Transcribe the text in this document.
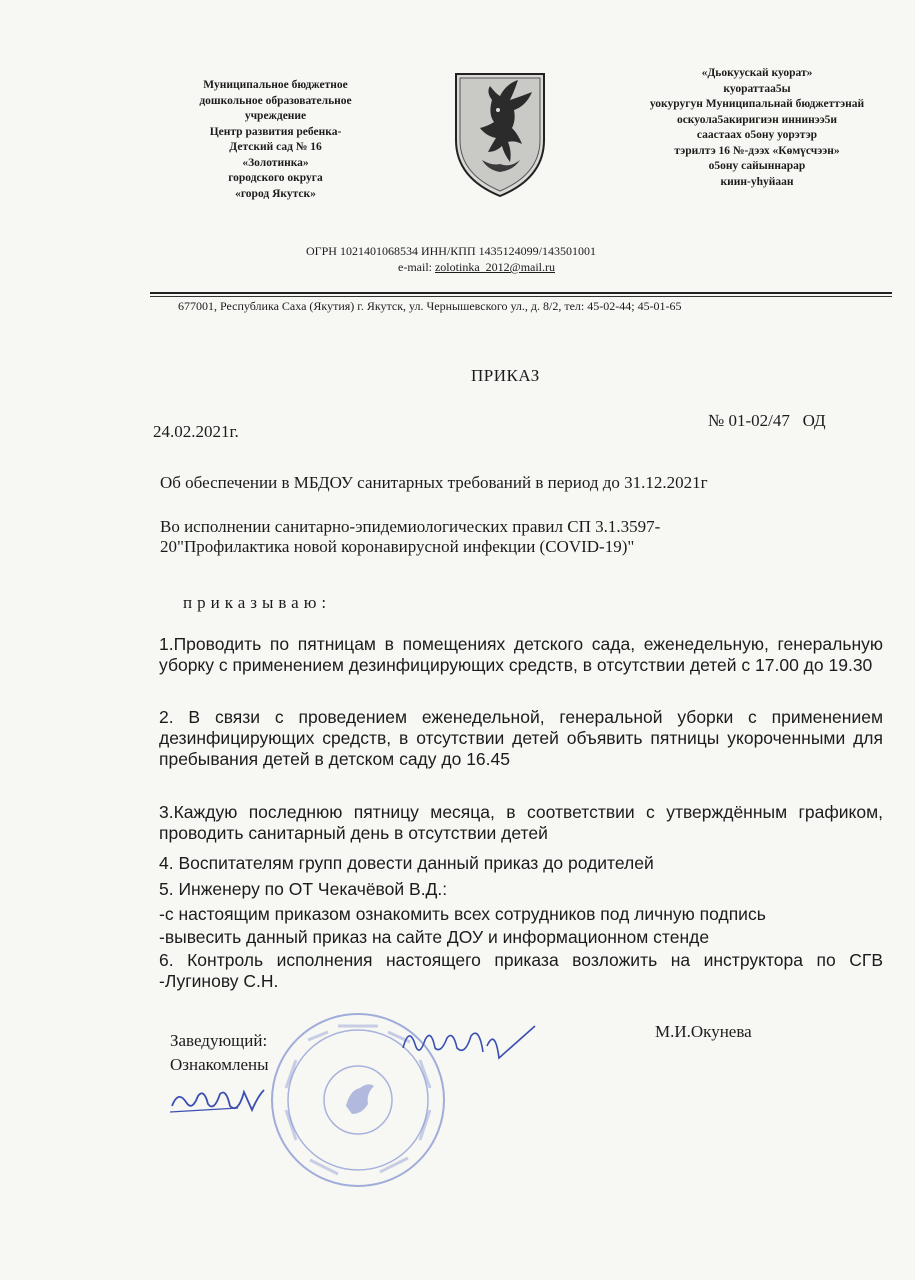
Муниципальное бюджетное
дошкольное образовательное
учреждение
Центр развития ребенка-
Детский сад № 16
«Золотинка»
городского округа
«город Якутск»
«Дьокуускай куорат»
куораттаа5ы
уокуругун Муниципальнай бюджеттэнай
оскуола5акиригиэн иннинээ5и
саастаах о5ону уорэтэр
тэрилтэ 16 №-дээх «Көмүсчээн»
о5ону сайыннарар
киин-уһуйаан
ОГРН 1021401068534 ИНН/КПП 1435124099/143501001
e-mail: zolotinka_2012@mail.ru
677001, Республика Саха (Якутия) г. Якутск, ул. Чернышевского ул., д. 8/2, тел: 45-02-44; 45-01-65
ПРИКАЗ
24.02.2021г.
№ 01-02/47   ОД
Об обеспечении в МБДОУ санитарных требований в период до 31.12.2021г
Во исполнении санитарно-эпидемиологических правил СП 3.1.3597-
20"Профилактика новой коронавирусной инфекции (COVID-19)"
приказываю:
1.Проводить по пятницам в помещениях детского сада, еженедельную, генеральную уборку с применением дезинфицирующих средств, в отсутствии детей с 17.00 до 19.30
2. В связи с проведением еженедельной, генеральной уборки с применением дезинфицирующих средств, в отсутствии детей объявить пятницы укороченными для пребывания детей в детском саду до 16.45
3.Каждую последнюю пятницу месяца, в соответствии с утверждённым графиком, проводить санитарный день в отсутствии детей
4. Воспитателям групп довести данный приказ до родителей
5. Инженеру по ОТ Чекачёвой В.Д.:
-с настоящим приказом ознакомить всех сотрудников под личную подпись
-вывесить данный приказ на сайте ДОУ и информационном стенде
6. Контроль исполнения настоящего приказа возложить на инструктора по СГВ -Лугинову С.Н.
Заведующий:
Ознакомлены
М.И.Окунева
